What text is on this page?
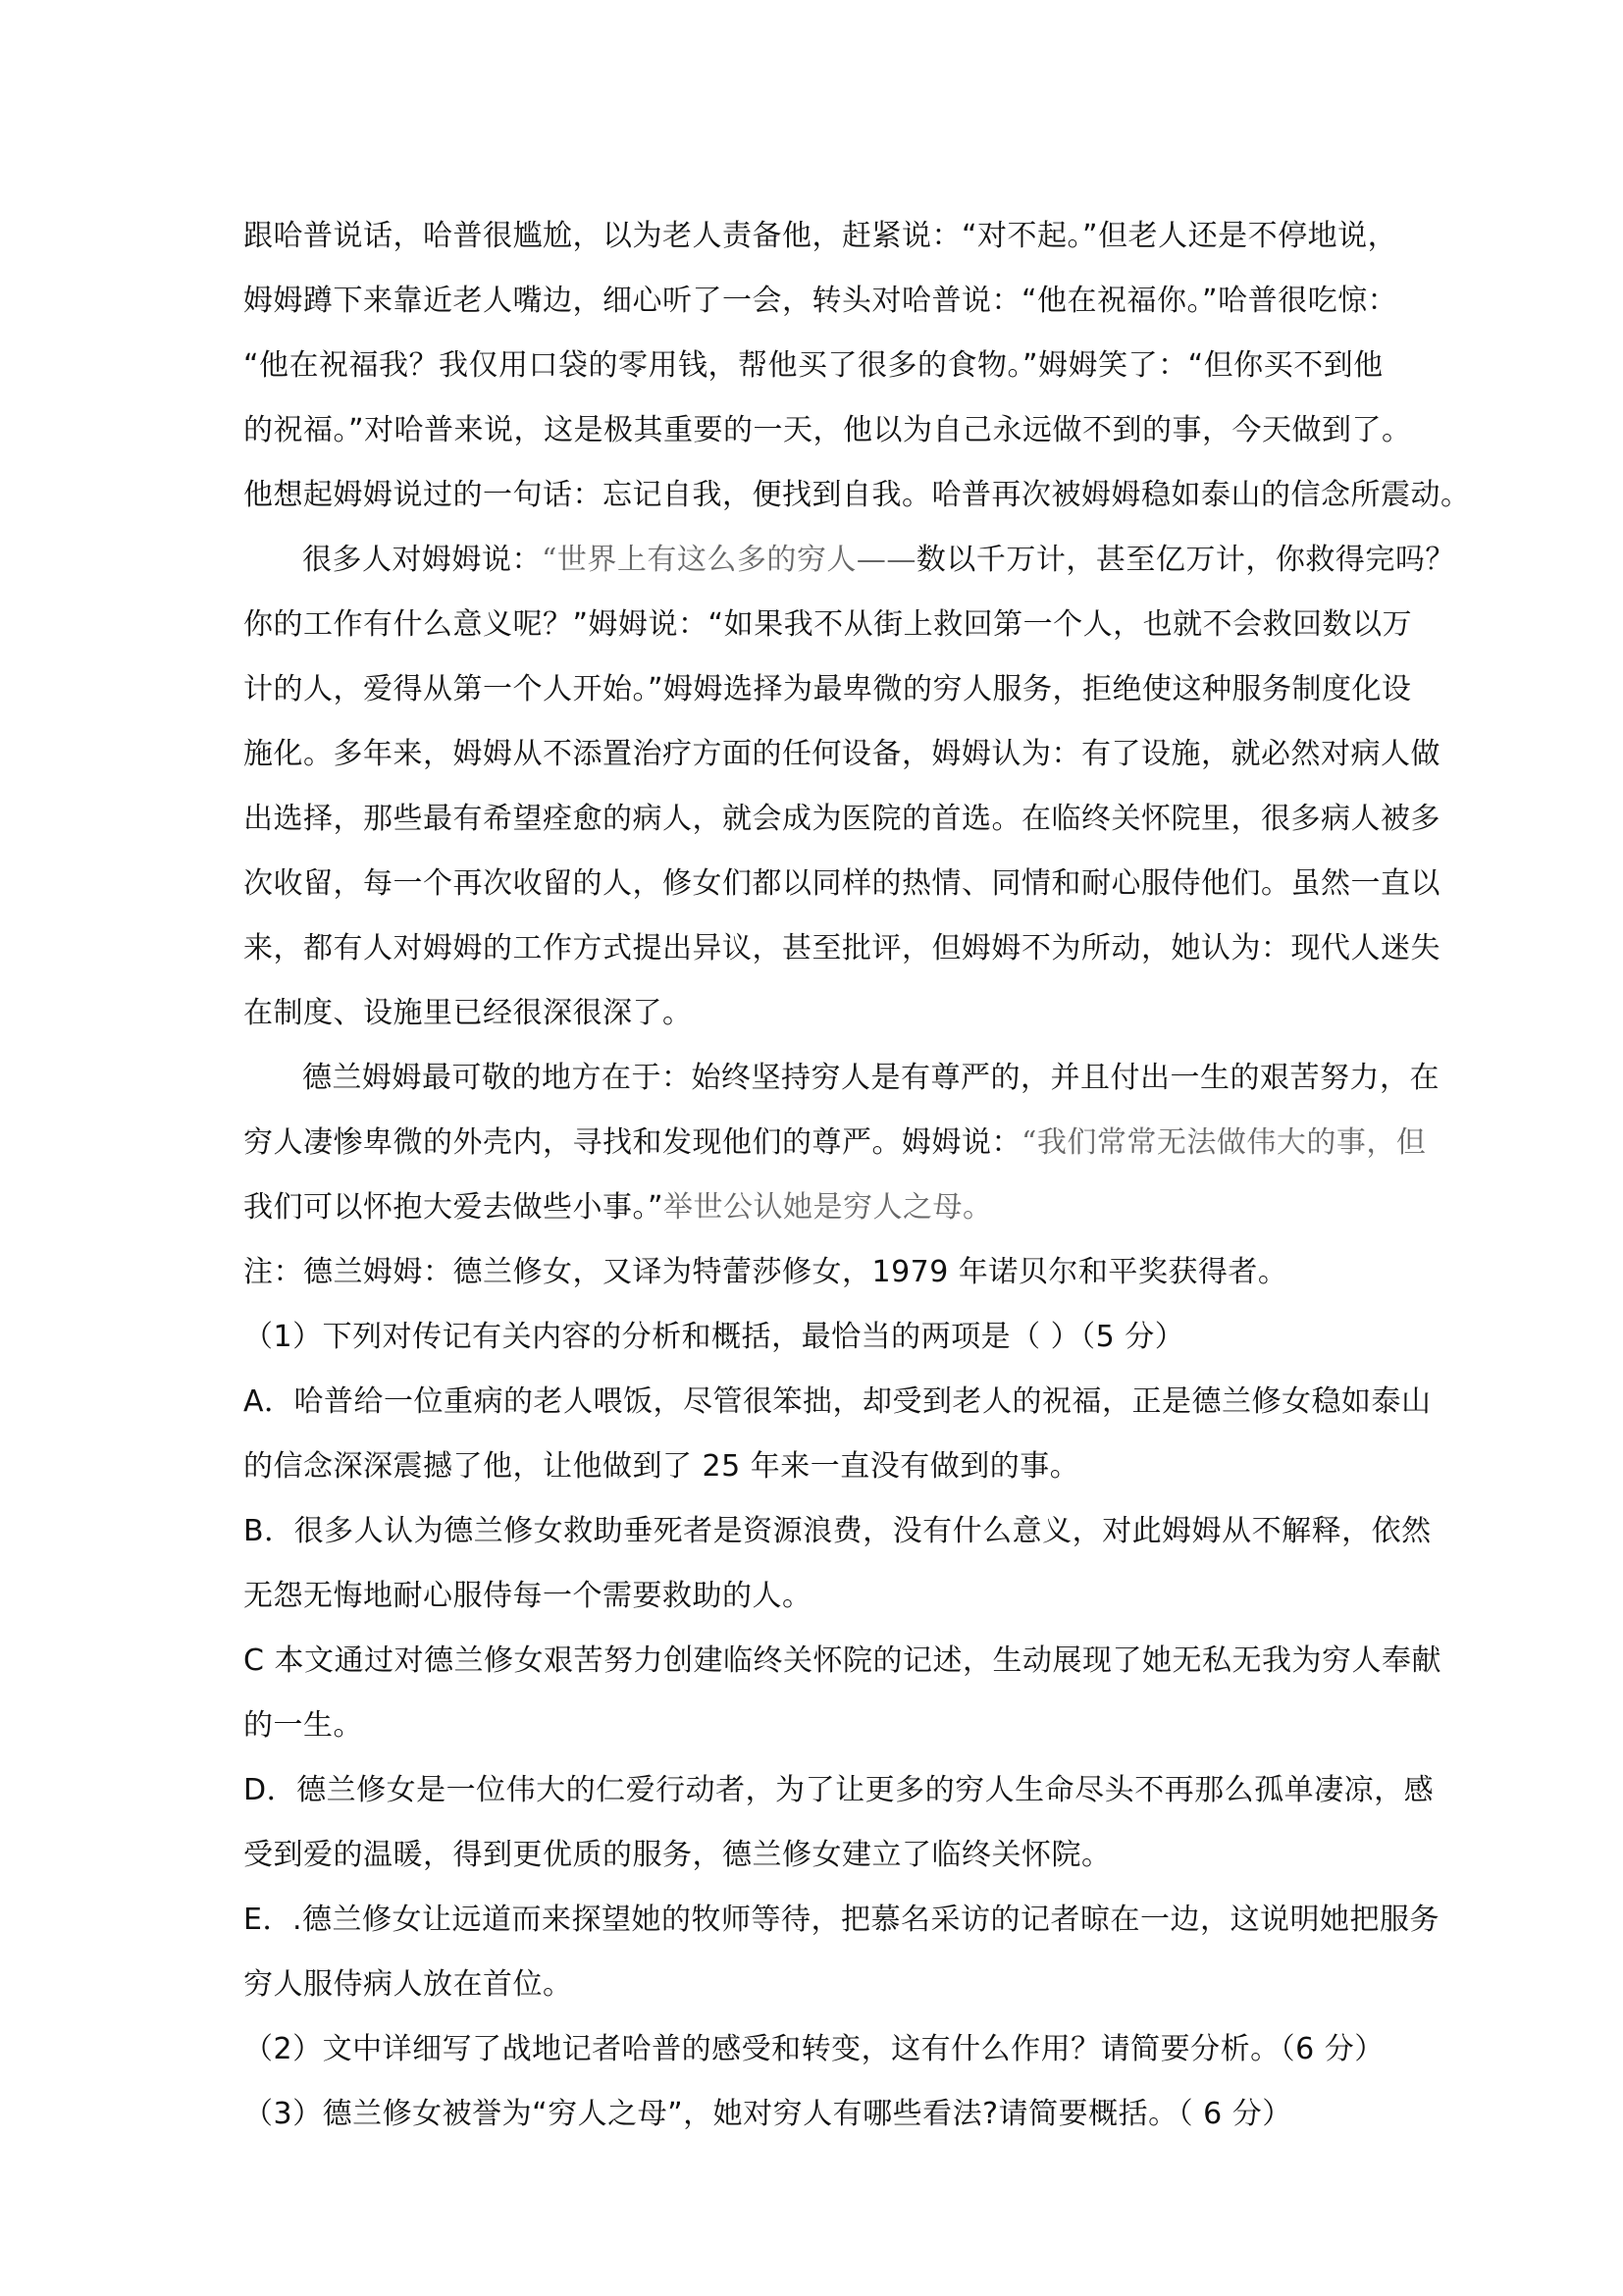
跟哈普说话，哈普很尴尬，以为老人责备他，赶紧说：“对不起。”但老人还是不停地说，
姆姆蹲下来靠近老人嘴边，细心听了一会，转头对哈普说：“他在祝福你。”哈普很吃惊：
“他在祝福我？我仅用口袋的零用钱，帮他买了很多的食物。”姆姆笑了：“但你买不到他
的祝福。”对哈普来说，这是极其重要的一天，他以为自己永远做不到的事，今天做到了。
他想起姆姆说过的一句话：忘记自我，便找到自我。哈普再次被姆姆稳如泰山的信念所震动。
很多人对姆姆说：“世界上有这么多的穷人——数以千万计，甚至亿万计，你救得完吗？
你的工作有什么意义呢？”姆姆说：“如果我不从街上救回第一个人，也就不会救回数以万
计的人，爱得从第一个人开始。”姆姆选择为最卑微的穷人服务，拒绝使这种服务制度化设
施化。多年来，姆姆从不添置治疗方面的任何设备，姆姆认为：有了设施，就必然对病人做
出选择，那些最有希望痊愈的病人，就会成为医院的首选。在临终关怀院里，很多病人被多
次收留，每一个再次收留的人，修女们都以同样的热情、同情和耐心服侍他们。虽然一直以
来，都有人对姆姆的工作方式提出异议，甚至批评，但姆姆不为所动，她认为：现代人迷失
在制度、设施里已经很深很深了。
德兰姆姆最可敬的地方在于：始终坚持穷人是有尊严的，并且付出一生的艰苦努力，在
穷人凄惨卑微的外壳内，寻找和发现他们的尊严。姆姆说：“我们常常无法做伟大的事，但
我们可以怀抱大爱去做些小事。”举世公认她是穷人之母。
注：德兰姆姆：德兰修女，又译为特蕾莎修女，1979 年诺贝尔和平奖获得者。
（1）下列对传记有关内容的分析和概括，最恰当的两项是（ ）（5 分）
A．哈普给一位重病的老人喂饭，尽管很笨拙，却受到老人的祝福，正是德兰修女稳如泰山
的信念深深震撼了他，让他做到了 25 年来一直没有做到的事。
B．很多人认为德兰修女救助垂死者是资源浪费，没有什么意义，对此姆姆从不解释，依然
无怨无悔地耐心服侍每一个需要救助的人。
C 本文通过对德兰修女艰苦努力创建临终关怀院的记述，生动展现了她无私无我为穷人奉献
的一生。
D．德兰修女是一位伟大的仁爱行动者，为了让更多的穷人生命尽头不再那么孤单凄凉，感
受到爱的温暖，得到更优质的服务，德兰修女建立了临终关怀院。
E．.德兰修女让远道而来探望她的牧师等待，把慕名采访的记者晾在一边，这说明她把服务
穷人服侍病人放在首位。
（2）文中详细写了战地记者哈普的感受和转变，这有什么作用？请简要分析。（6 分）
（3）德兰修女被誉为“穷人之母”，她对穷人有哪些看法?请简要概括。（ 6 分）
